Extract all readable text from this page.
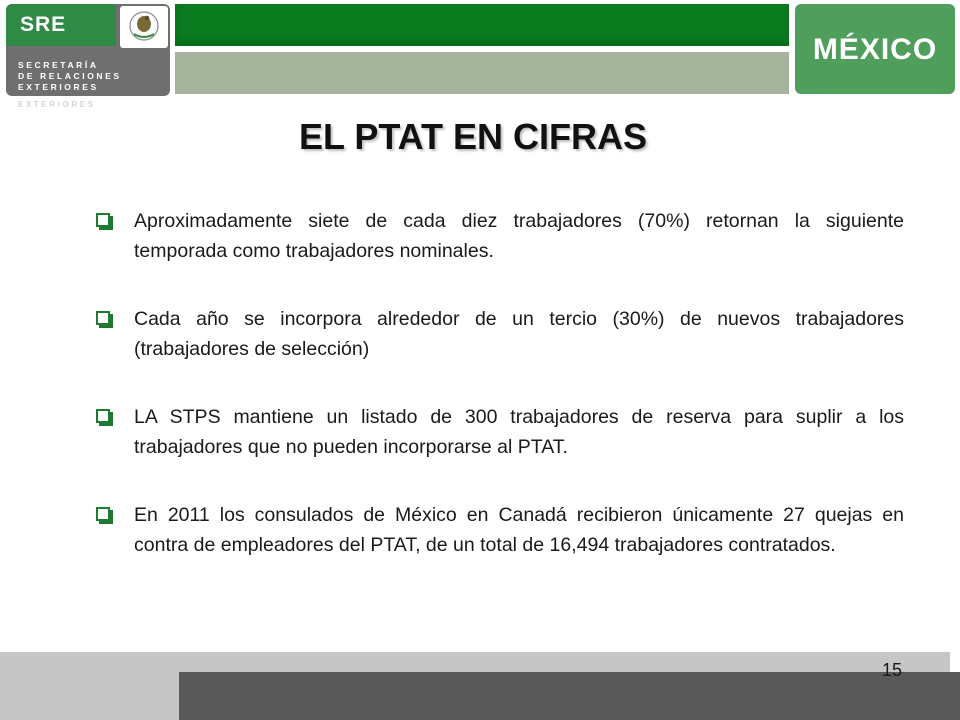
SRE
SECRETARÍA
DE RELACIONES
EXTERIORES
EXTERIORES
MÉXICO
EL PTAT EN CIFRAS
Aproximadamente siete de cada diez trabajadores (70%) retornan la siguiente temporada como trabajadores nominales.
Cada año se incorpora alrededor de un tercio (30%) de nuevos trabajadores (trabajadores de selección)
LA STPS mantiene un listado de 300 trabajadores de reserva para suplir a los trabajadores que no pueden incorporarse al PTAT.
En 2011 los consulados de México en Canadá recibieron únicamente 27 quejas en contra de empleadores del PTAT, de un total de 16,494 trabajadores contratados.
15
